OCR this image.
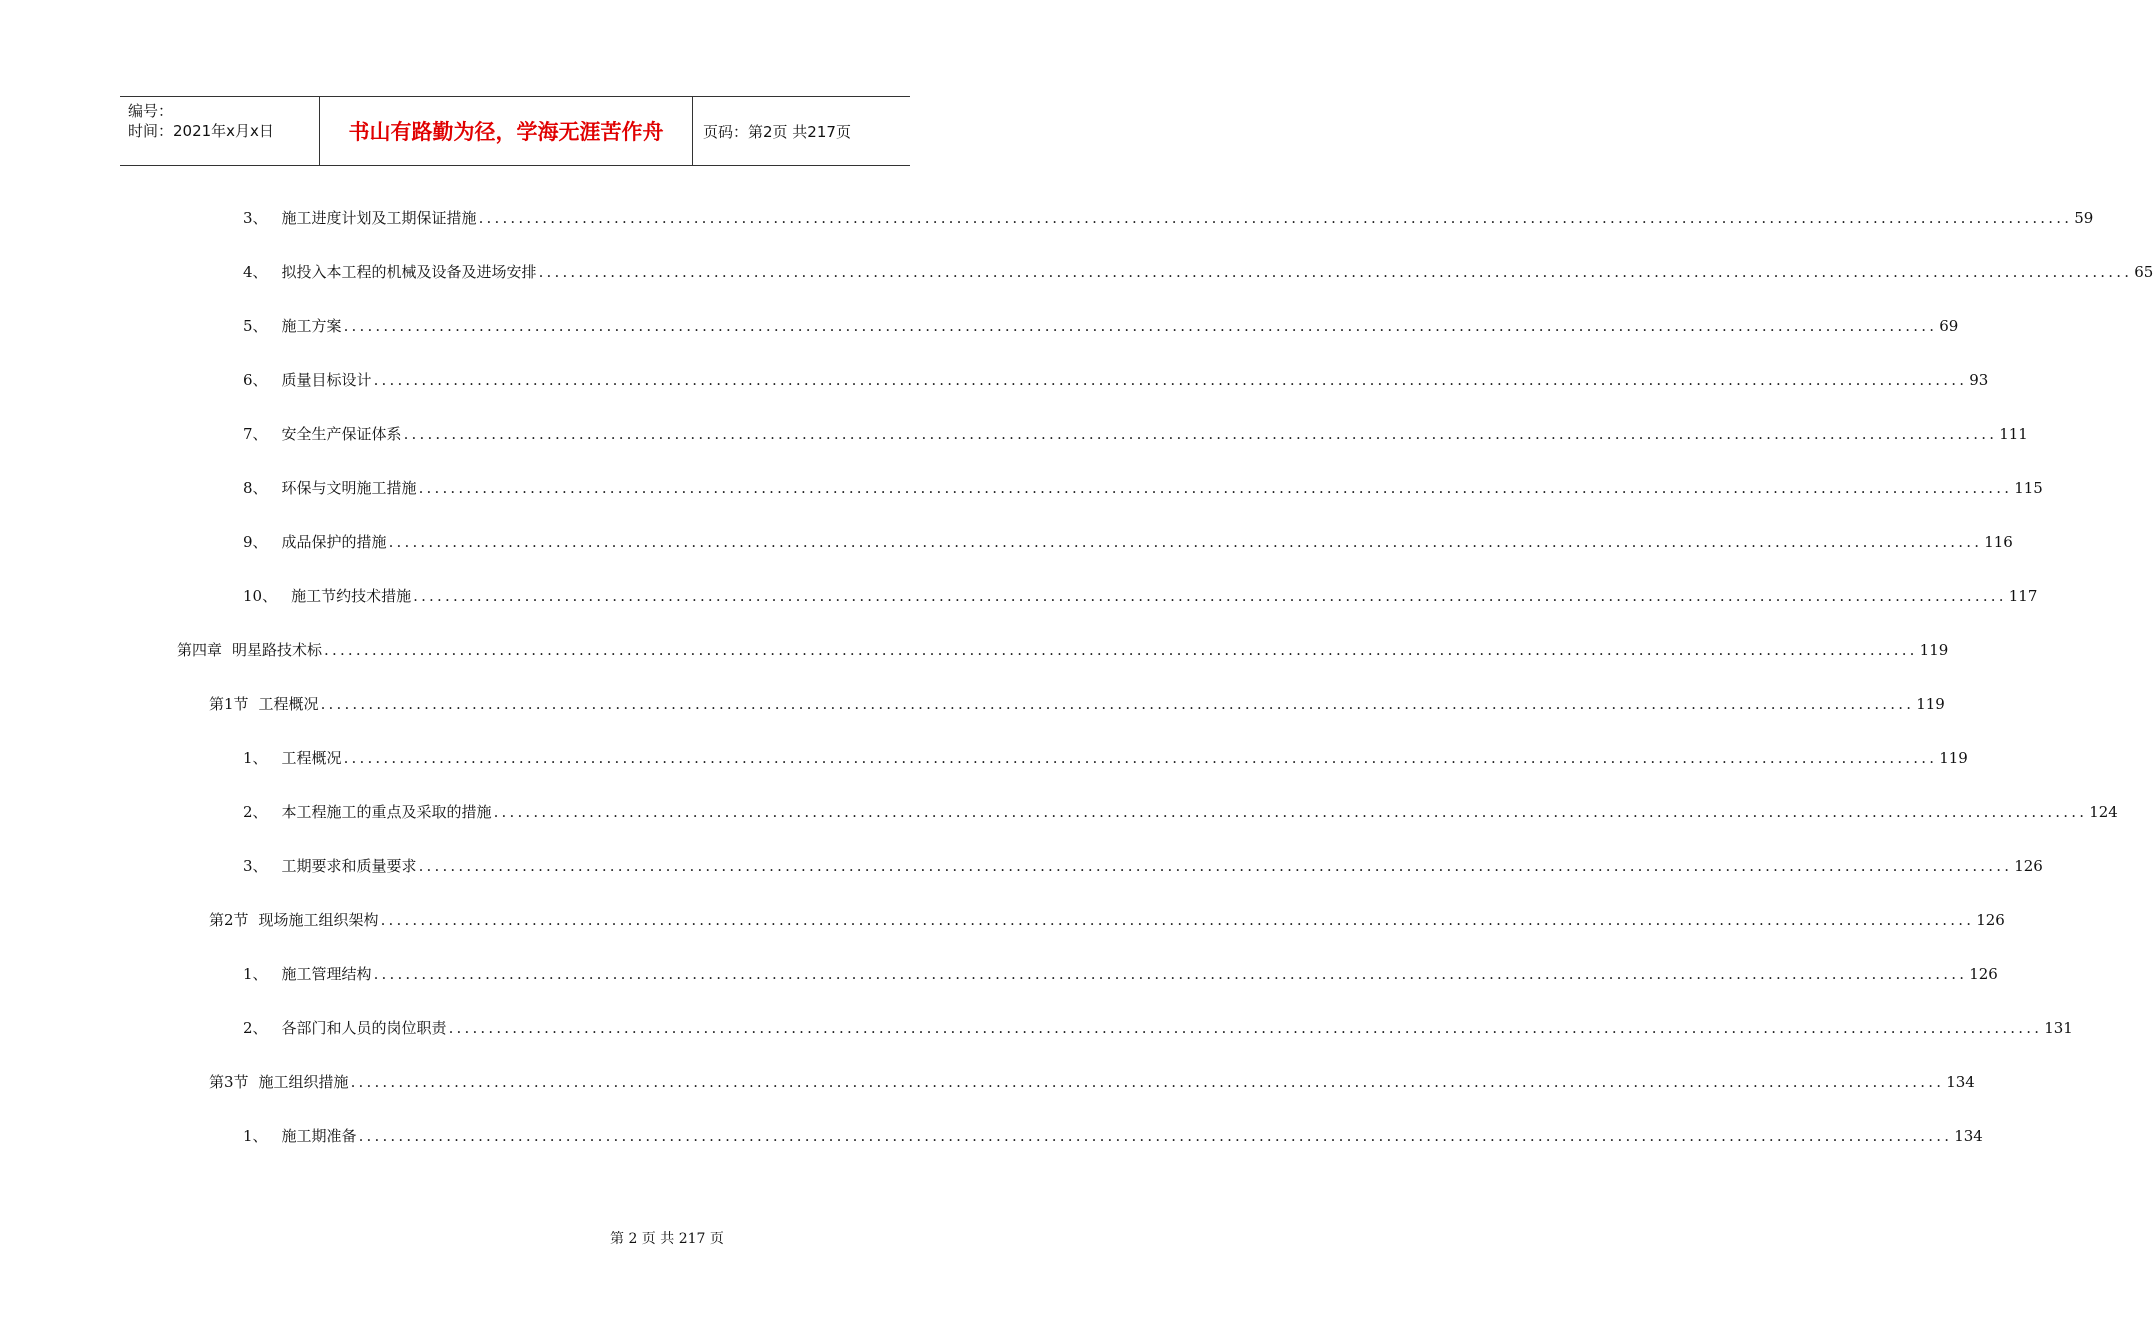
编号：
时间：2021年x月x日	书山有路勤为径，学海无涯苦作舟	页码：第2页 共217页
3、 施工进度计划及工期保证措施 ........................................................................................................................................................................................................ 59
4、 拟投入本工程的机械及设备及进场安排 ........................................................................................................................................................................................................ 65
5、 施工方案 ........................................................................................................................................................................................................ 69
6、 质量目标设计 ........................................................................................................................................................................................................ 93
7、 安全生产保证体系 ........................................................................................................................................................................................................ 111
8、 环保与文明施工措施 ........................................................................................................................................................................................................ 115
9、 成品保护的措施 ........................................................................................................................................................................................................ 116
10、 施工节约技术措施 ........................................................................................................................................................................................................ 117
第四章 明星路技术标 ........................................................................................................................................................................................................ 119
第1节 工程概况 ........................................................................................................................................................................................................ 119
1、 工程概况 ........................................................................................................................................................................................................ 119
2、 本工程施工的重点及采取的措施 ........................................................................................................................................................................................................ 124
3、 工期要求和质量要求 ........................................................................................................................................................................................................ 126
第2节 现场施工组织架构 ........................................................................................................................................................................................................ 126
1、 施工管理结构 ........................................................................................................................................................................................................ 126
2、 各部门和人员的岗位职责 ........................................................................................................................................................................................................ 131
第3节 施工组织措施 ........................................................................................................................................................................................................ 134
1、 施工期准备 ........................................................................................................................................................................................................ 134
第 2 页 共 217 页
